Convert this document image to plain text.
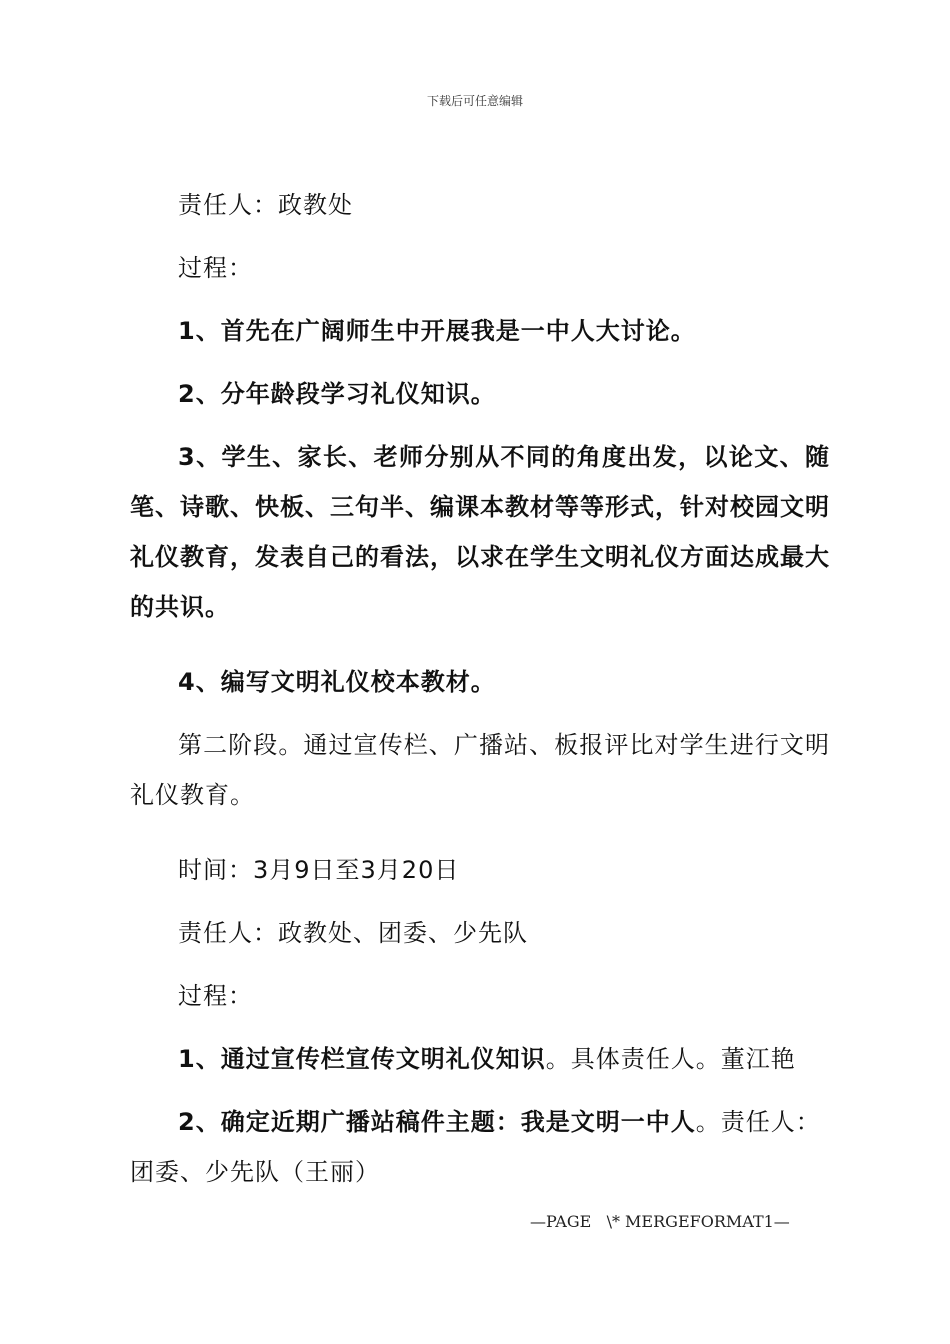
下载后可任意编辑
责任人：政教处
过程：
1、首先在广阔师生中开展我是一中人大讨论。
2、分年龄段学习礼仪知识。
3、学生、家长、老师分别从不同的角度出发，以论文、随笔、诗歌、快板、三句半、编课本教材等等形式，针对校园文明礼仪教育，发表自己的看法，以求在学生文明礼仪方面达成最大的共识。
4、编写文明礼仪校本教材。
第二阶段。通过宣传栏、广播站、板报评比对学生进行文明礼仪教育。
时间：3月9日至3月20日
责任人：政教处、团委、少先队
过程：
1、通过宣传栏宣传文明礼仪知识。具体责任人。董江艳
2、确定近期广播站稿件主题：我是文明一中人。责任人：团委、少先队（王丽）
—PAGE   \* MERGEFORMAT1—
